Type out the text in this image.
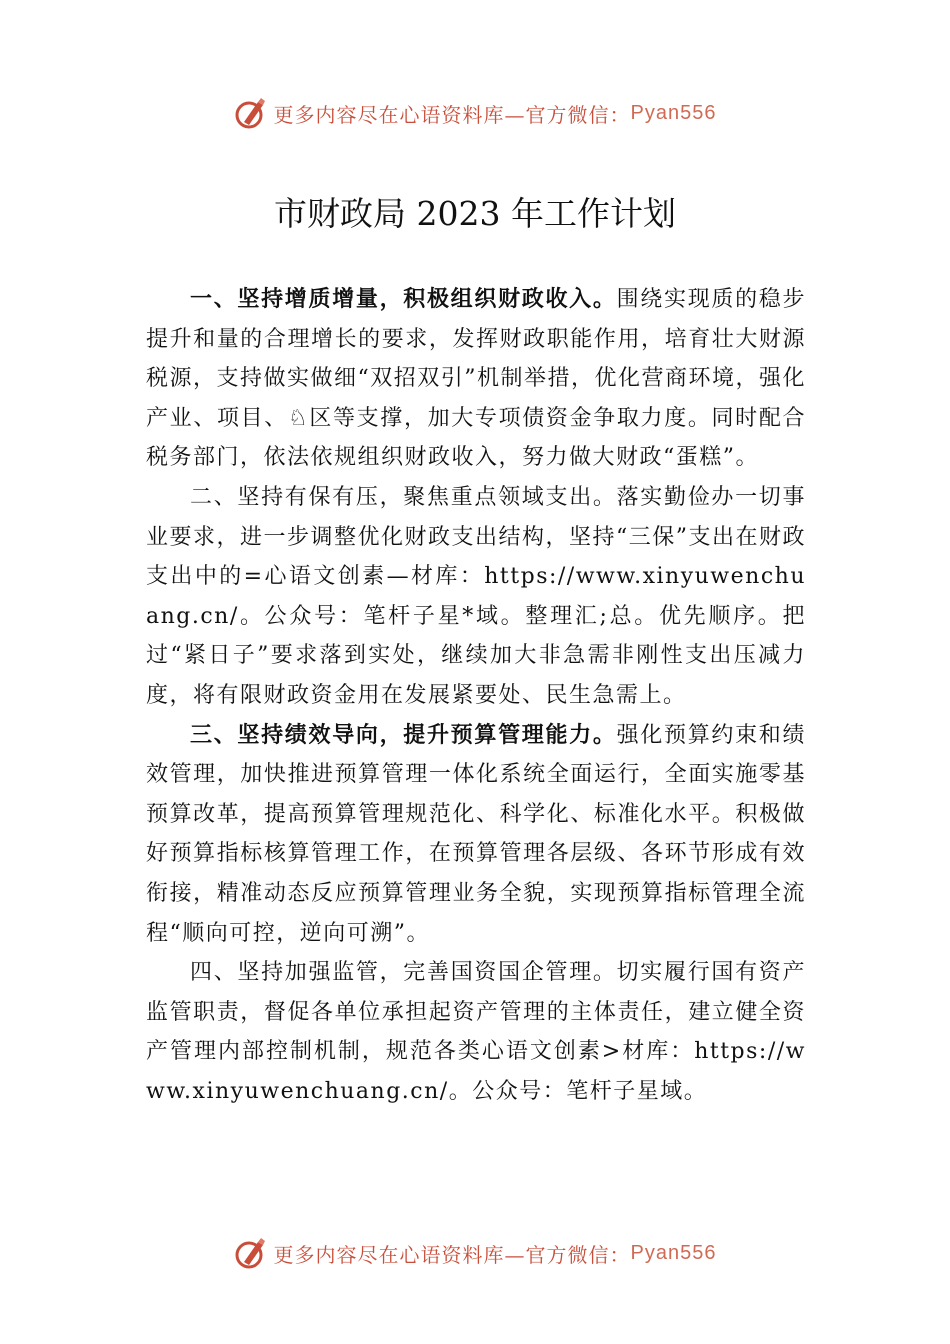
更多内容尽在心语资料库— 官方微信： Pyan556
市财政局 2023 年工作计划

一、坚持增质增量，积极组织财政收入。围绕实现质的稳步提升和量的合理增长的要求，发挥财政职能作用，培育壮大财源税源，支持做实做细“双招双引”机制举措，优化营商环境，强化产业、项目、♘区等支撑，加大专项债资金争取力度。同时配合税务部门，依法依规组织财政收入，努力做大财政“蛋糕”。

二、坚持有保有压，聚焦重点领域支出。落实勤俭办一切事业要求，进一步调整优化财政支出结构，坚持“三保”支出在财政支出中的=心语文创素—材库：https://www.xinyuwenchuang.cn/。公众号：笔杆子星*域。整理汇;总。优先顺序。把过“紧日子”要求落到实处，继续加大非急需非刚性支出压减力度，将有限财政资金用在发展紧要处、民生急需上。

三、坚持绩效导向，提升预算管理能力。强化预算约束和绩效管理，加快推进预算管理一体化系统全面运行，全面实施零基预算改革，提高预算管理规范化、科学化、标准化水平。积极做好预算指标核算管理工作，在预算管理各层级、各环节形成有效衔接，精准动态反应预算管理业务全貌，实现预算指标管理全流程“顺向可控，逆向可溯”。

四、坚持加强监管，完善国资国企管理。切实履行国有资产监管职责，督促各单位承担起资产管理的主体责任，建立健全资产管理内部控制机制，规范各类心语文创素>材库：https://www.xinyuwenchuang.cn/。公众号：笔杆子星域。

更多内容尽在心语资料库— 官方微信： Pyan556
